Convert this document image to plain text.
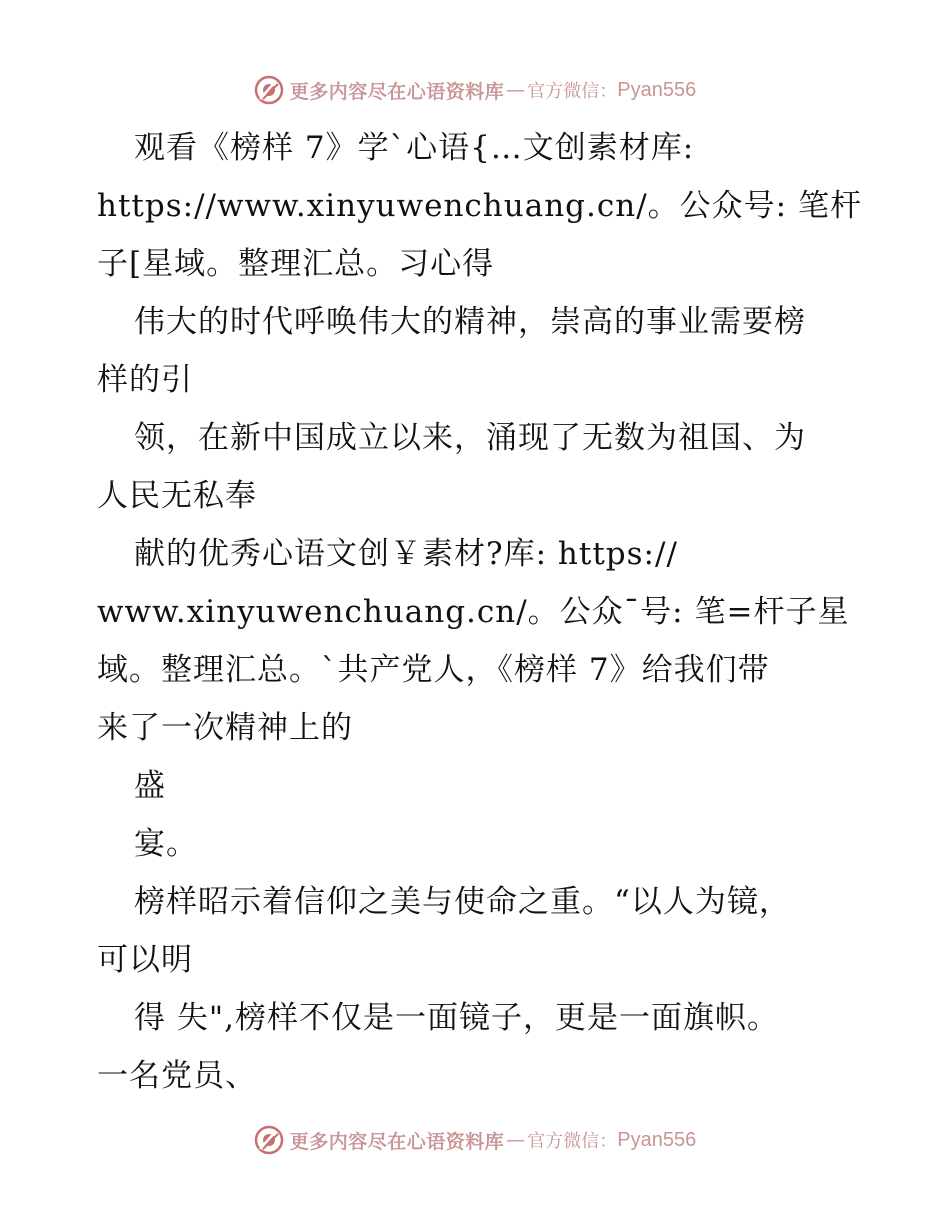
更多内容尽在心语资料库 — 官方微信： Pyan556
观看《榜样 7》学`心语{…文创素材库:
https://www.xinyuwenchuang.cn/。公众号: 笔杆
子[星域。整理汇总。习心得
伟大的时代呼唤伟大的精神，崇高的事业需要榜
样的引
领，在新中国成立以来，涌现了无数为祖国、为
人民无私奉
献的优秀心语文创￥素材?库: https://
www.xinyuwenchuang.cn/。公众¯号: 笔=杆子星
域。整理汇总。`共产党人，《榜样 7》给我们带
来了一次精神上的
盛
宴。
榜样昭示着信仰之美与使命之重。“以人为镜，
可以明
得 失",榜样不仅是一面镜子，更是一面旗帜。
一名党员、
更多内容尽在心语资料库 — 官方微信： Pyan556
